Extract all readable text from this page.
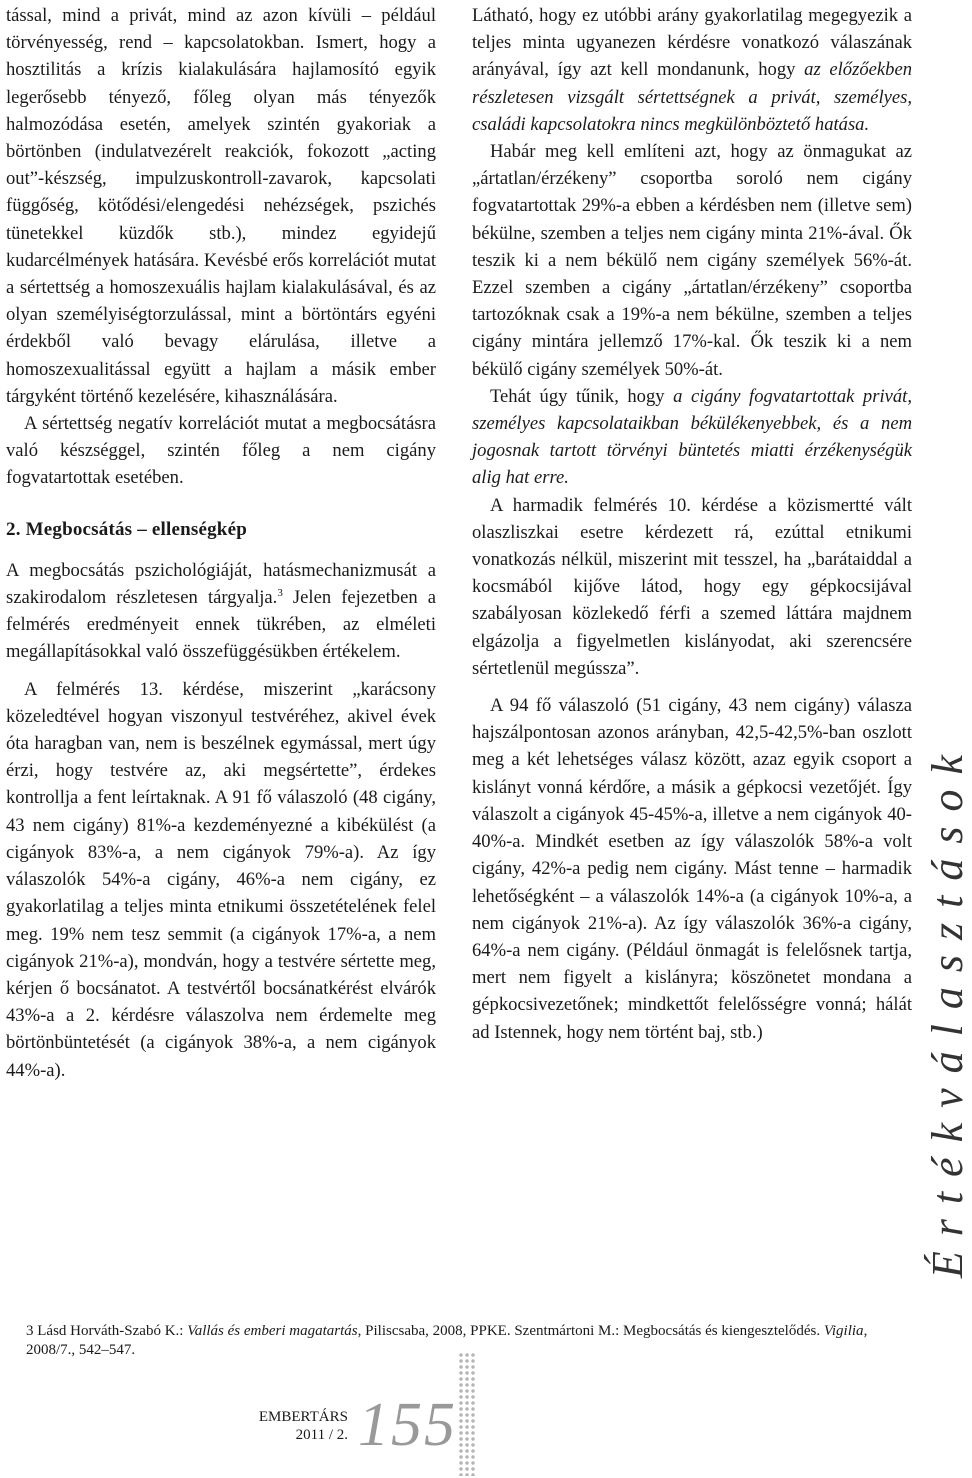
tással, mind a privát, mind az azon kívüli – például törvényesség, rend – kapcsolatokban. Ismert, hogy a hosztilitás a krízis kialakulására hajlamosító egyik legerősebb tényező, főleg olyan más tényezők halmozódása esetén, amelyek szintén gyakoriak a börtönben (indulatvezérelt reakciók, fokozott „acting out”-készség, impulzuskontroll-zavarok, kapcsolati függőség, kötődési/elengedési nehézségek, pszichés tünetekkel küzdők stb.), mindez egyidejű kudarcélmények hatására. Kevésbé erős korrelációt mutat a sértettség a homoszexuális hajlam kialakulásával, és az olyan személyiségtorzulással, mint a börtöntárs egyéni érdekből való bevagy elárulása, illetve a homoszexualitással együtt a hajlam a másik ember tárgyként történő kezelésére, kihasználására.

A sértettség negatív korrelációt mutat a megbocsátásra való készséggel, szintén főleg a nem cigány fogvatartottak esetében.

2. Megbocsátás – ellenségkép

A megbocsátás pszichológiáját, hatásmechanizmusát a szakirodalom részletesen tárgyalja.$^3$ Jelen fejezetben a felmérés eredményeit ennek tükrében, az elméleti megállapításokkal való összefüggésükben értékelem.

A felmérés 13. kérdése, miszerint „karácsony közeledtével hogyan viszonyul testvéréhez, akivel évek óta haragban van, nem is beszélnek egymással, mert úgy érzi, hogy testvére az, aki megsértette”, érdekes kontrollja a fent leírtaknak. A 91 fő válaszoló (48 cigány, 43 nem cigány) 81%-a kezdeményezné a kibékülést (a cigányok 83%-a, a nem cigányok 79%-a). Az így válaszolók 54%-a cigány, 46%-a nem cigány, ez gyakorlatilag a teljes minta etnikumi összetételének felel meg. 19% nem tesz semmit (a cigányok 17%-a, a nem cigányok 21%-a), mondván, hogy a testvére sértette meg, kérjen ő bocsánatot. A testvértől bocsánatkérést elvárók 43%-a a 2. kérdésre válaszolva nem érdemelte meg börtönbüntetését (a cigányok 38%-a, a nem cigányok 44%-a).

Látható, hogy ez utóbbi arány gyakorlatilag megegyezik a teljes minta ugyanezen kérdésre vonatkozó válaszának arányával, így azt kell mondanunk, hogy az előzőekben részletesen vizsgált sértettségnek a privát, személyes, családi kapcsolatokra nincs megkülönböztető hatása.

Habár meg kell említeni azt, hogy az önmagukat az „ártatlan/érzékeny” csoportba soroló nem cigány fogvatartottak 29%-a ebben a kérdésben nem (illetve sem) békülne, szemben a teljes nem cigány minta 21%-ával. Ők teszik ki a nem békülő nem cigány személyek 56%-át. Ezzel szemben a cigány „ártatlan/érzékeny” csoportba tartozóknak csak a 19%-a nem békülne, szemben a teljes cigány mintára jellemző 17%-kal. Ők teszik ki a nem békülő cigány személyek 50%-át.

Tehát úgy tűnik, hogy a cigány fogvatartottak privát, személyes kapcsolataikban békülékenyebbek, és a nem jogosnak tartott törvényi büntetés miatti érzékenységük alig hat erre.

A harmadik felmérés 10. kérdése a közismertté vált olaszliszkai esetre kérdezett rá, ezúttal etnikumi vonatkozás nélkül, miszerint mit tesszel, ha „barátaiddal a kocsmából kijőve látod, hogy egy gépkocsijával szabályosan közlekedő férfi a szemed láttára majdnem elgázolja a figyelmetlen kislányodat, aki szerencsére sértetlenül megússza”.

A 94 fő válaszoló (51 cigány, 43 nem cigány) válasza hajszálpontosan azonos arányban, 42,5-42,5%-ban oszlott meg a két lehetséges válasz között, azaz egyik csoport a kislányt vonná kérdőre, a másik a gépkocsi vezetőjét. Így válaszolt a cigányok 45-45%-a, illetve a nem cigányok 40-40%-a. Mindkét esetben az így válaszolók 58%-a volt cigány, 42%-a pedig nem cigány. Mást tenne – harmadik lehetőségként – a válaszolók 14%-a (a cigányok 10%-a, a nem cigányok 21%-a). Az így válaszolók 36%-a cigány, 64%-a nem cigány. (Például önmagát is felelősnek tartja, mert nem figyelt a kislányra; köszönetet mondana a gépkocsivezetőnek; mindkettőt felelősségre vonná; hálát ad Istennek, hogy nem történt baj, stb.)	Értékválasztások
3 Lásd Horváth-Szabó K.: Vallás és emberi magatartás, Piliscsaba, 2008, PPKE. Szentmártoni M.: Megbocsátás és kiengesztelődés. Vigilia, 2008/7., 542–547.
EMBERTÁRS
2011 / 2. 155
